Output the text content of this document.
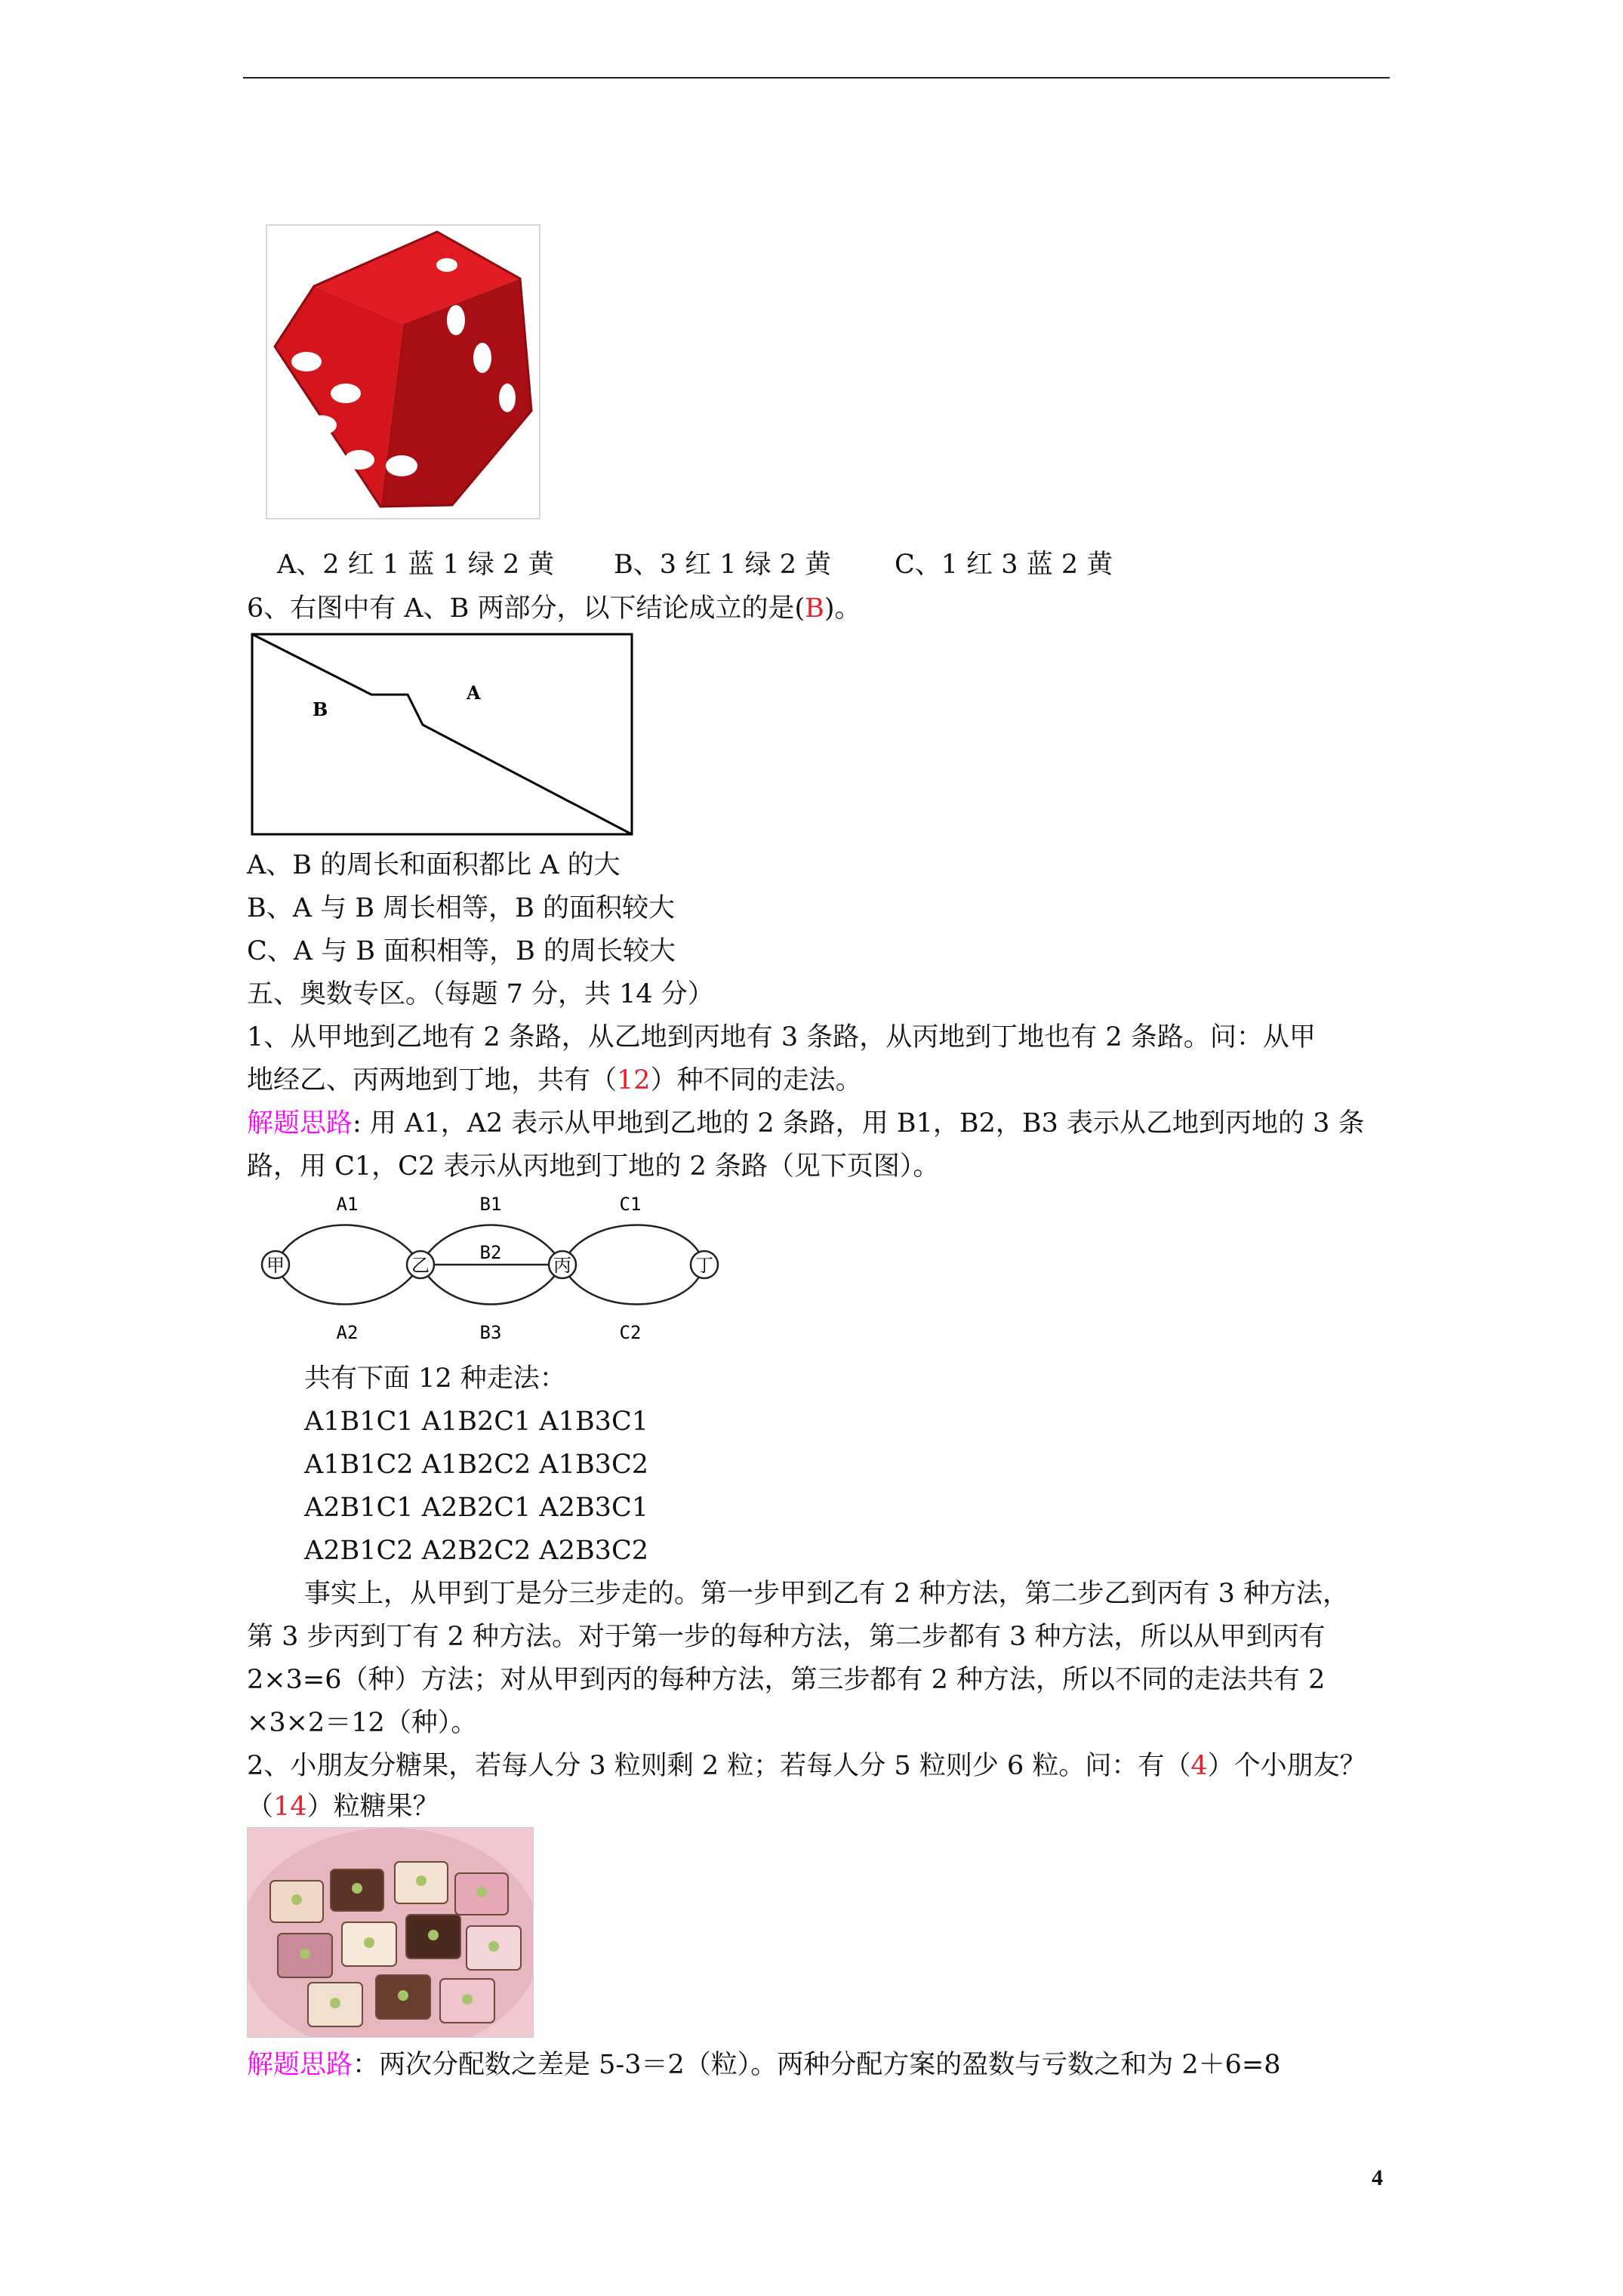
A、2 红 1 蓝 1 绿 2 黄 B、3 红 1 绿 2 黄 C、1 红 3 蓝 2 黄
6、右图中有 A、B 两部分，以下结论成立的是(B)。
A
B
A、B 的周长和面积都比 A 的大
B、A 与 B 周长相等，B 的面积较大
C、A 与 B 面积相等，B 的周长较大
五、奥数专区。（每题 7 分，共 14 分）
1、从甲地到乙地有 2 条路，从乙地到丙地有 3 条路，从丙地到丁地也有 2 条路。问：从甲
地经乙、丙两地到丁地，共有（12）种不同的走法。
解题思路: 用 A1，A2 表示从甲地到乙地的 2 条路，用 B1，B2，B3 表示从乙地到丙地的 3 条
路，用 C1，C2 表示从丙地到丁地的 2 条路（见下页图）。
甲	乙	丙	丁
A1
A2
B1
B2
B3
C1
C2
共有下面 12 种走法：
A1B1C1 A1B2C1 A1B3C1
A1B1C2 A1B2C2 A1B3C2
A2B1C1 A2B2C1 A2B3C1
A2B1C2 A2B2C2 A2B3C2
事实上，从甲到丁是分三步走的。第一步甲到乙有 2 种方法，第二步乙到丙有 3 种方法，
第 3 步丙到丁有 2 种方法。对于第一步的每种方法，第二步都有 3 种方法，所以从甲到丙有
2×3=6（种）方法；对从甲到丙的每种方法，第三步都有 2 种方法，所以不同的走法共有 2
×3×2＝12（种）。
2、小朋友分糖果，若每人分 3 粒则剩 2 粒；若每人分 5 粒则少 6 粒。问：有（4）个小朋友？
（14）粒糖果？
解题思路：两次分配数之差是 5-3＝2（粒）。两种分配方案的盈数与亏数之和为 2＋6=8
4
